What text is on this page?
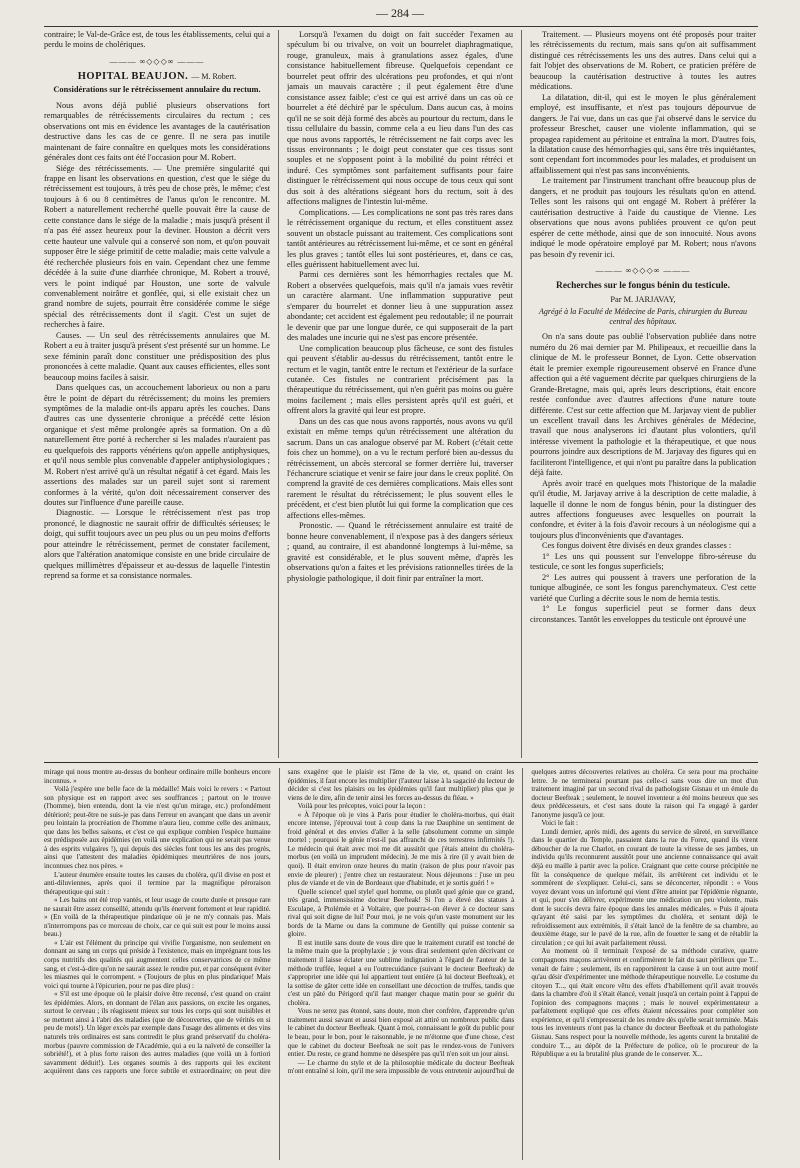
— 284 —

contraire; le Val-de-Grâce est, de tous les établissements, celui qui a perdu le moins de cholériques.

——— ∞◇◇◇∞ ———
HOPITAL BEAUJON. — M. Robert.
Considérations sur le rétrécissement annulaire du rectum.

Nous avons déjà publié plusieurs observations fort remarquables de rétrécissements circulaires du rectum ; ces observations ont mis en évidence les avantages de la cautérisation destructive dans les cas de ce genre. Il ne sera pas inutile maintenant de faire connaître en quelques mots les considérations générales dont ces faits ont été l'occasion pour M. Robert.

Siége des rétrécissements. — Une première singularité qui frappe en lisant les observations en question, c'est que le siége du rétrécissement est toujours, à très peu de chose près, le même; c'est toujours à 6 ou 8 centimètres de l'anus qu'on le rencontre. M. Robert a naturellement recherché quelle pouvait être la cause de cette constance dans le siége de la maladie ; mais jusqu'à présent il n'a pas été assez heureux pour la deviner. Houston a décrit vers cette hauteur une valvule qui a conservé son nom, et qu'on pouvait supposer être le siége primitif de cette maladie; mais cette valvule a été recherchée plusieurs fois en vain. Cependant chez une femme décédée à la suite d'une diarrhée chronique, M. Robert a trouvé, vers le point indiqué par Houston, une sorte de valvule convenablement noirâtre et gonflée, qui, si elle existait chez un grand nombre de sujets, pourrait être considérée comme le siége spécial des rétrécissements dont il s'agit. C'est un sujet de recherches à faire.

Causes. — Un seul des rétrécissements annulaires que M. Robert a eu à traiter jusqu'à présent s'est présenté sur un homme. Le sexe féminin paraît donc constituer une prédisposition des plus prononcées à cette maladie. Quant aux causes efficientes, elles sont beaucoup moins faciles à saisir.

Dans quelques cas, un accouchement laborieux ou non a paru être le point de départ du rétrécissement; du moins les premiers symptômes de la maladie ont-ils apparu après les couches. Dans d'autres cas une dyssenterie chronique a précédé cette lésion organique et s'est même prolongée après sa formation. On a dû naturellement être porté à rechercher si les malades n'auraient pas eu quelquefois des rapports vénériens qu'on appelle antiphysiques, et qu'il nous semble plus convenable d'appeler antiphysiologiques ; M. Robert n'est arrivé qu'à un résultat négatif à cet égard. Mais les assertions des malades sur un pareil sujet sont si rarement conformes à la vérité, qu'on doit nécessairement conserver des doutes sur l'influence d'une pareille cause.

Diagnostic. — Lorsque le rétrécissement n'est pas trop prononcé, le diagnostic ne saurait offrir de difficultés sérieuses; le doigt, qui suffit toujours avec un peu plus ou un peu moins d'efforts pour atteindre le rétrécissement, permet de constater facilement, alors que l'altération anatomique consiste en une bride circulaire de quelques millimètres d'épaisseur et au-dessus de laquelle l'intestin reprend sa forme et sa consistance normales.

Lorsqu'à l'examen du doigt on fait succéder l'examen au spéculum bi ou trivalve, on voit un bourrelet diaphragmatique, rouge, granuleux, mais à granulations assez égales, d'une consistance habituellement fibreuse. Quelquefois cependant ce bourrelet peut offrir des ulcérations peu profondes, et qui n'ont jamais un mauvais caractère ; il peut également être d'une consistance assez faible; c'est ce qui est arrivé dans un cas où ce bourrelet a été déchiré par le spéculum. Dans aucun cas, à moins qu'il ne se soit déjà formé des abcès au pourtour du rectum, dans le tissu cellulaire du bassin, comme cela a eu lieu dans l'un des cas que nous avons rapportés, le rétrécissement ne fait corps avec les tissus environnants ; le doigt peut constater que ces tissus sont souples et ne s'opposent point à la mobilité du point rétréci et induré. Ces symptômes sont parfaitement suffisants pour faire distinguer le rétrécissement qui nous occupe de tous ceux qui sont dus soit à des altérations siégeant hors du rectum, soit à des affections malignes de l'intestin lui-même.

Complications. — Les complications ne sont pas très rares dans le rétrécissement organique du rectum, et elles constituent assez souvent un obstacle puissant au traitement. Ces complications sont tantôt antérieures au rétrécissement lui-même, et ce sont en général les plus graves ; tantôt elles lui sont postérieures, et, dans ce cas, elles guérissent habituellement avec lui.

Parmi ces dernières sont les hémorrhagies rectales que M. Robert a observées quelquefois, mais qu'il n'a jamais vues revêtir un caractère alarmant. Une inflammation suppurative peut s'emparer du bourrelet et donner lieu à une suppuration assez abondante; cet accident est également peu redoutable; il ne pourrait le devenir que par une longue durée, ce qui supposerait de la part des malades une incurie qui ne s'est pas encore présentée.

Une complication beaucoup plus fâcheuse, ce sont des fistules qui peuvent s'établir au-dessus du rétrécissement, tantôt entre le rectum et le vagin, tantôt entre le rectum et l'extérieur de la surface cutanée. Ces fistules ne contrarient précisément pas la thérapeutique du rétrécissement, qui n'en guérit pas moins ou guère moins facilement ; mais elles persistent après qu'il est guéri, et offrent alors la gravité qui leur est propre.

Dans un des cas que nous avons rapportés, nous avons vu qu'il existait en même temps qu'un rétrécissement une altération du sacrum. Dans un cas analogue observé par M. Robert (c'était cette fois chez un homme), on a vu le rectum perforé bien au-dessus du rétrécissement, un abcès stercoral se former derrière lui, traverser l'échancrure sciatique et venir se faire jour dans le creux poplité. On comprend la gravité de ces dernières complications. Mais elles sont rarement le résultat du rétrécissement; le plus souvent elles le précèdent, et c'est bien plutôt lui qui forme la complication que ces affections elles-mêmes.

Pronostic. — Quand le rétrécissement annulaire est traité de bonne heure convenablement, il n'expose pas à des dangers sérieux ; quand, au contraire, il est abandonné longtemps à lui-même, sa gravité est considérable, et le plus souvent même, d'après les observations qu'on a faites et les prévisions rationnelles tirées de la physiologie pathologique, il doit finir par entraîner la mort.

Traitement. — Plusieurs moyens ont été proposés pour traiter les rétrécissements du rectum, mais sans qu'on ait suffisamment distingué ces rétrécissements les uns des autres. Dans celui qui a fait l'objet des observations de M. Robert, ce praticien préfère de beaucoup la cautérisation destructive à toutes les autres médications.

La dilatation, dit-il, qui est le moyen le plus généralement employé, est insuffisante, et n'est pas toujours dépourvue de dangers. Je l'ai vue, dans un cas que j'ai observé dans le service du professeur Breschet, causer une violente inflammation, qui se propagea rapidement au péritoine et entraîna la mort. D'autres fois, la dilatation cause des hémorrhagies qui, sans être très inquiétantes, sont cependant fort incommodes pour les malades, et produisent un affaiblissement qui n'est pas sans inconvénients.

Le traitement par l'instrument tranchant offre beaucoup plus de dangers, et ne produit pas toujours les résultats qu'on en attend. Telles sont les raisons qui ont engagé M. Robert à préférer la cautérisation destructive à l'aide du caustique de Vienne. Les observations que nous avons publiées prouvent ce qu'on peut espérer de cette méthode, ainsi que de son innocuité. Nous avons indiqué le mode opératoire employé par M. Robert; nous n'avons pas besoin d'y revenir ici.

——— ∞◇◇◇∞ ———
Recherches sur le fongus bénin du testicule.
Par M. JARJAVAY,
Agrégé à la Faculté de Médecine de Paris, chirurgien du Bureau central des hôpitaux.

On n'a sans doute pas oublié l'observation publiée dans notre numéro du 26 mai dernier par M. Philipeaux, et recueillie dans la clinique de M. le professeur Bonnet, de Lyon. Cette observation était le premier exemple rigoureusement observé en France d'une affection qui a été vaguement décrite par quelques chirurgiens de la Grande-Bretagne, mais qui, après leurs descriptions, était encore restée confondue avec d'autres affections d'une nature toute différente. C'est sur cette affection que M. Jarjavay vient de publier un excellent travail dans les Archives générales de Médecine, travail que nous analyserons ici d'autant plus volontiers, qu'il intéresse vivement la pathologie et la thérapeutique, et que nous pourrons joindre aux descriptions de M. Jarjavay des figures qui en faciliteront l'intelligence, et qui n'ont pu paraître dans la publication déjà faite.

Après avoir tracé en quelques mots l'historique de la maladie qu'il étudie, M. Jarjavay arrive à la description de cette maladie, à laquelle il donne le nom de fongus bénin, pour la distinguer des autres affections fongueuses avec lesquelles on pourrait la confondre, et éviter à la fois d'avoir recours à un néologisme qui a toujours plus d'inconvénients que d'avantages.

Ces fongus doivent être divisés en deux grandes classes :

1° Les uns qui poussent sur l'enveloppe fibro-séreuse du testicule, ce sont les fongus superficiels;

2° Les autres qui poussent à travers une perforation de la tunique albuginée, ce sont les fongus parenchymateux. C'est cette variété que Curling a décrite sous le nom de hernia testis.

1° Le fongus superficiel peut se former dans deux circonstances. Tantôt les enveloppes du testicule ont éprouvé une

mirage qui nous montre au-dessus du bonheur ordinaire mille bonheurs encore inconnus. »

Voilà j'espère une belle face de la médaille! Mais voici le revers : « Partout son physique est en rapport avec ses souffrances ; partout on le trouve (l'homme), bien entendu, dont la vie n'est qu'un mirage, etc.) profondément détérioré; peut-être ne suis-je pas dans l'erreur en avançant que dans un avenir peu lointain la procréation de l'homme n'aura lieu, comme celle des animaux, que dans les belles saisons, et c'est ce qui explique combien l'espèce humaine est prédisposée aux épidémies (en voilà une explication qui ne serait pas venue à des esprits vulgaires !), qui depuis des siècles font tous les ans des progrès, ainsi que l'attestent des maladies épidémiques meurtrières de nos jours, inconnues chez nos pères. »

L'auteur énumère ensuite toutes les causes du choléra, qu'il divise en post et anti-diluviennes, après quoi il termine par la magnifique péroraison thérapeutique qui suit :

« Les bains ont été trop vantés, et leur usage de courte durée et presque rare ne saurait être assez conseillé, attendu qu'ils énervent fortement et leur rapidité. » (En voilà de la thérapeutique pindarique où je ne m'y connais pas. Mais n'interrompons pas ce morceau de choix, car ce qui suit est pour le moins aussi beau.)

« L'air est l'élément du principe qui vivifie l'organisme, non seulement en donnant au sang un corps qui préside à l'existence, mais en imprégnant tous les corps nutritifs des qualités qui augmentent celles conservatrices de ce même sang, et c'est-à-dire qu'on ne saurait assez le rendre pur, et par conséquent éviter les miasmes qui le corrompent. » (Toujours de plus en plus pindarique! Mais voici qui tourne à l'épicurien, pour ne pas dire plus) :

« S'il est une époque où le plaisir doive être recensé, c'est quand on craint les épidémies. Alors, en donnant de l'élan aux passions, on excite les organes, surtout le cerveau ; ils réagissent mieux sur tous les corps qui sont nuisibles et se mettent ainsi à l'abri des maladies (que de découvertes, que de vérités en si peu de mots!). Un léger excès par exemple dans l'usage des aliments et des vins naturels très ordinaires est sans contredit le plus grand préservatif du choléra-morbus (pauvre commission de l'Académie, qui a eu la naïveté de conseiller la sobriété!), et à plus forte raison des autres maladies (que voilà un à fortiori savamment déduit!). Les organes soumis à des rapports qui les excitent acquièrent dans ces rapports une force subtile et extraordinaire; on peut dire sans exagérer que le plaisir est l'âme de la vie, et, quand on craint les épidémies, il faut encore les multiplier (l'auteur laisse à la sagacité du lecteur de décider si c'est les plaisirs ou les épidémies qu'il faut multiplier) plus que je viens de le dire, afin de tenir ainsi les forces au-dessus du fléau. »

Voilà pour les préceptes, voici pour la leçon :

« À l'époque où je vins à Paris pour étudier le choléra-morbus, qui était encore intense, j'éprouvai tout à coup dans la rue Dauphine un sentiment de froid général et des envies d'aller à la selle (absolument comme un simple mortel ; pourquoi le génie n'est-il pas affranchi de ces terrestres infirmités !). Le médecin qui était avec moi me dit aussitôt que j'étais atteint du choléra-morbus (en voilà un imprudent médecin). Je me mis à rire (il y avait bien de quoi). Il était environ onze heures du matin (raison de plus pour n'avoir pas envie de pleurer) ; j'entre chez un restaurateur. Nous déjeunons : j'use un peu plus de viande et de vin de Bordeaux que d'habitude, et je sortis guéri ! »

Quelle science! quel style! quel homme, ou plutôt quel génie que ce grand, très grand, immensissime docteur Beefteak! Si l'on a élevé des statues à Esculape, à Ptolémée et à Voltaire, que pourra-t-on élever à ce docteur sans rival qui soit digne de lui! Pour moi, je ne vois qu'un vaste monument sur les bords de la Marne ou dans la commune de Gentilly qui puisse contenir sa gloire.

Il est inutile sans doute de vous dire que le traitement curatif est tonché de la même main que la prophylaxie ; je vous dirai seulement qu'en décrivant ce traitement il laisse éclater une sublime indignation à l'égard de l'auteur de la méthode truffée, lequel a eu l'outrecuidance (suivant le docteur Beefteak) de s'approprier une idée qui lui appartient tout entière (à lui docteur Beefteak), et la sottise de gâter cette idée en conseillant une décoction de truffes, tandis que c'est un pâté du Périgord qu'il faut manger chaque matin pour se guérir du choléra.

Vous ne serez pas étonné, sans doute, mon cher confrère, d'apprendre qu'un traitement aussi savant et aussi bien exposé ait attiré un nombreux public dans le cabinet du docteur Beefteak. Quant à moi, connaissant le goût du public pour le beau, pour le bon, pour le raisonnable, je ne m'étonne que d'une chose, c'est que le cabinet du docteur Beefteak ne soit pas le rendez-vous de l'univers entier. Du reste, ce grand homme ne désespère pas qu'il n'en soit un jour ainsi.

— Le charme du style et de la philosophie médicale du docteur Beefteak m'ont entraîné si loin, qu'il me sera impossible de vous entretenir aujourd'hui de quelques autres découvertes relatives au choléra. Ce sera pour ma prochaine lettre. Je ne terminerai pourtant pas celle-ci sans vous dire un mot d'un traitement imaginé par un second rival du pathologiste Gisnau et un émule du docteur Beefteak ; seulement, le nouvel inventeur a été moins heureux que ses deux prédécesseurs, et c'est sans doute la raison qui l'a engagé à garder l'anonyme jusqu'à ce jour.

Voici le fait :

Lundi dernier, après midi, des agents du service de sûreté, en surveillance dans le quartier du Temple, passaient dans la rue du Forez, quand ils virent déboucher de la rue Charlot, en courant de toute la vitesse de ses jambes, un individu qu'ils reconnurent aussitôt pour une ancienne connaissance qui avait déjà eu maille à partir avec la police. Craignant que cette course précipitée ne fût la conséquence de quelque méfait, ils arrêtèrent cet individu et le sommèrent de s'expliquer. Celui-ci, sans se déconcerter, répondit : « Vous voyez devant vous un infortuné qui vient d'être atteint par l'épidémie régnante, et qui, pour s'en délivrer, expérimente une médication un peu violente, mais dont le succès devra faire époque dans les annales médicales. » Puis il ajouta qu'ayant été saisi par les symptômes du choléra, et sentant déjà le refroidissement aux extrémités, il s'était lancé de la fenêtre de sa chambre, au deuxième étage, sur le pavé de la rue, afin de fouetter le sang et de rétablir la circulation ; ce qui lui avait parfaitement réussi.

Au moment où il terminait l'exposé de sa méthode curative, quatre compagnons maçons arrivèrent et confirmèrent le fait du saut périlleux que T... venait de faire ; seulement, ils en rapportèrent la cause à un tout autre motif qu'au désir d'expérimenter une méthode thérapeutique nouvelle. Le costume du citoyen T..., qui était encore vêtu des effets d'habillement qu'il avait trouvés dans la chambre d'où il s'était élancé, venait jusqu'à un certain point à l'appui de l'opinion des compagnons maçons ; mais le nouvel expérimentateur a parfaitement expliqué que ces effets étaient nécessaires pour compléter son expérience, et qu'il s'empresserait de les rendre dès qu'elle serait terminée. Mais tous les inventeurs n'ont pas la chance du docteur Beefteak et du pathologiste Gisnau. Sans respect pour la nouvelle méthode, les agents curent la brutalité de conduire T..., au dépôt de la Préfecture de police, où le procureur de la République a eu la brutalité plus grande de le conserver. X...
